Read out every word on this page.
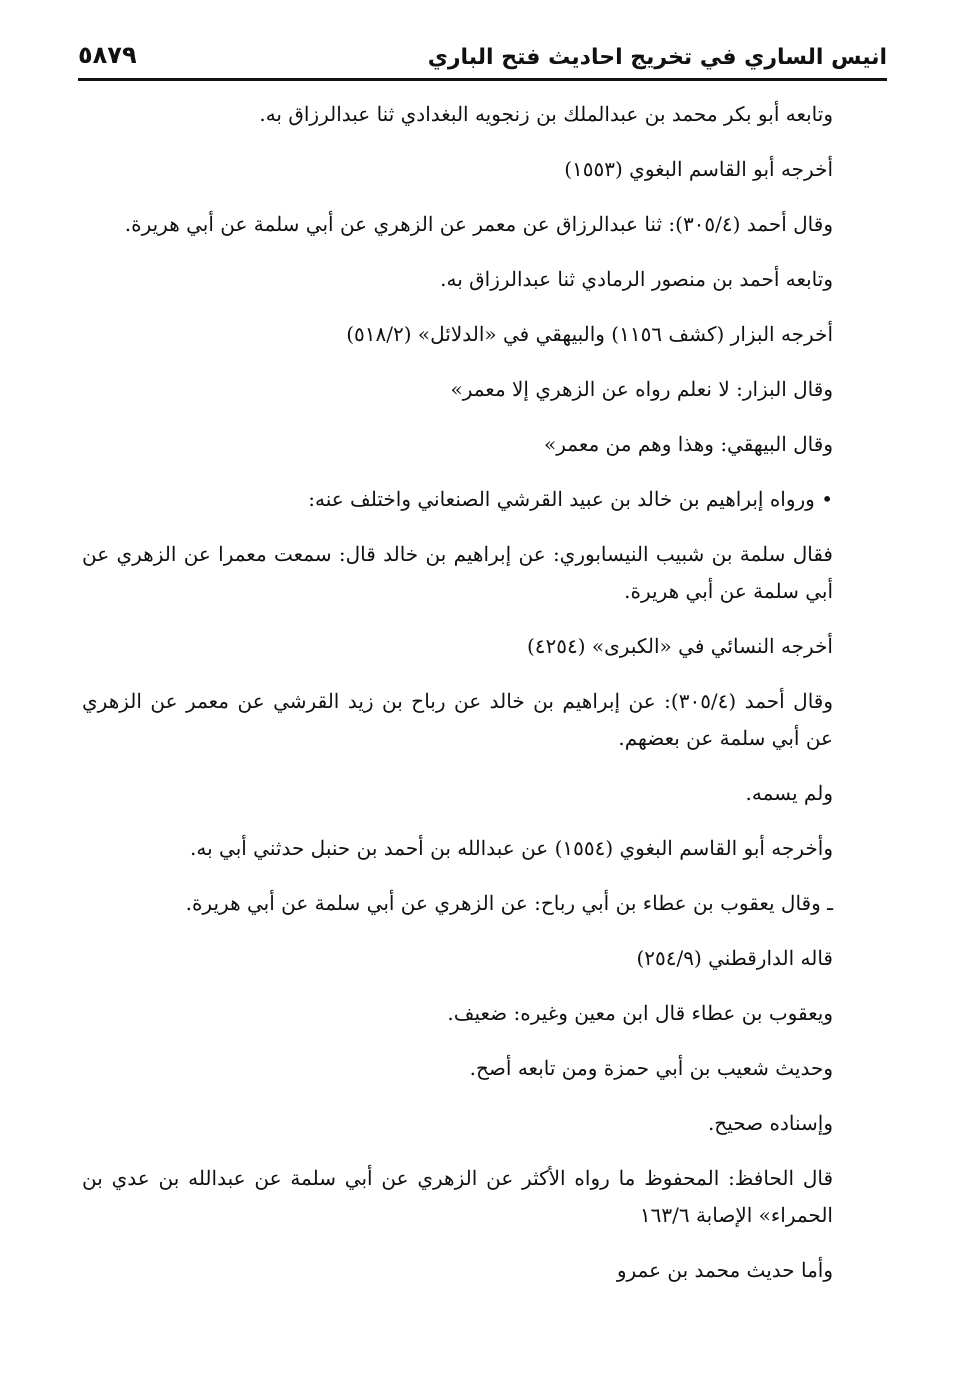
انيس الساري في تخريج احاديث فتح الباري
٥٨٧٩

وتابعه أبو بكر محمد بن عبدالملك بن زنجويه البغدادي ثنا عبدالرزاق به.

أخرجه أبو القاسم البغوي (١٥٥٣)

وقال أحمد (٣٠٥/٤): ثنا عبدالرزاق عن معمر عن الزهري عن أبي سلمة عن أبي هريرة.

وتابعه أحمد بن منصور الرمادي ثنا عبدالرزاق به.

أخرجه البزار (كشف ١١٥٦) والبيهقي في «الدلائل» (٥١٨/٢)

وقال البزار: لا نعلم رواه عن الزهري إلا معمر»

وقال البيهقي: وهذا وهم من معمر»

• ورواه إبراهيم بن خالد بن عبيد القرشي الصنعاني واختلف عنه:

فقال سلمة بن شبيب النيسابوري: عن إبراهيم بن خالد قال: سمعت معمرا عن الزهري عن أبي سلمة عن أبي هريرة.

أخرجه النسائي في «الكبرى» (٤٢٥٤)

وقال أحمد (٣٠٥/٤): عن إبراهيم بن خالد عن رباح بن زيد القرشي عن معمر عن الزهري عن أبي سلمة عن بعضهم.

ولم يسمه.

وأخرجه أبو القاسم البغوي (١٥٥٤) عن عبدالله بن أحمد بن حنبل حدثني أبي به.

ـ وقال يعقوب بن عطاء بن أبي رباح: عن الزهري عن أبي سلمة عن أبي هريرة.

قاله الدارقطني (٢٥٤/٩)

ويعقوب بن عطاء قال ابن معين وغيره: ضعيف.

وحديث شعيب بن أبي حمزة ومن تابعه أصح.

وإسناده صحيح.

قال الحافظ: المحفوظ ما رواه الأكثر عن الزهري عن أبي سلمة عن عبدالله بن عدي بن الحمراء» الإصابة ١٦٣/٦

وأما حديث محمد بن عمرو
